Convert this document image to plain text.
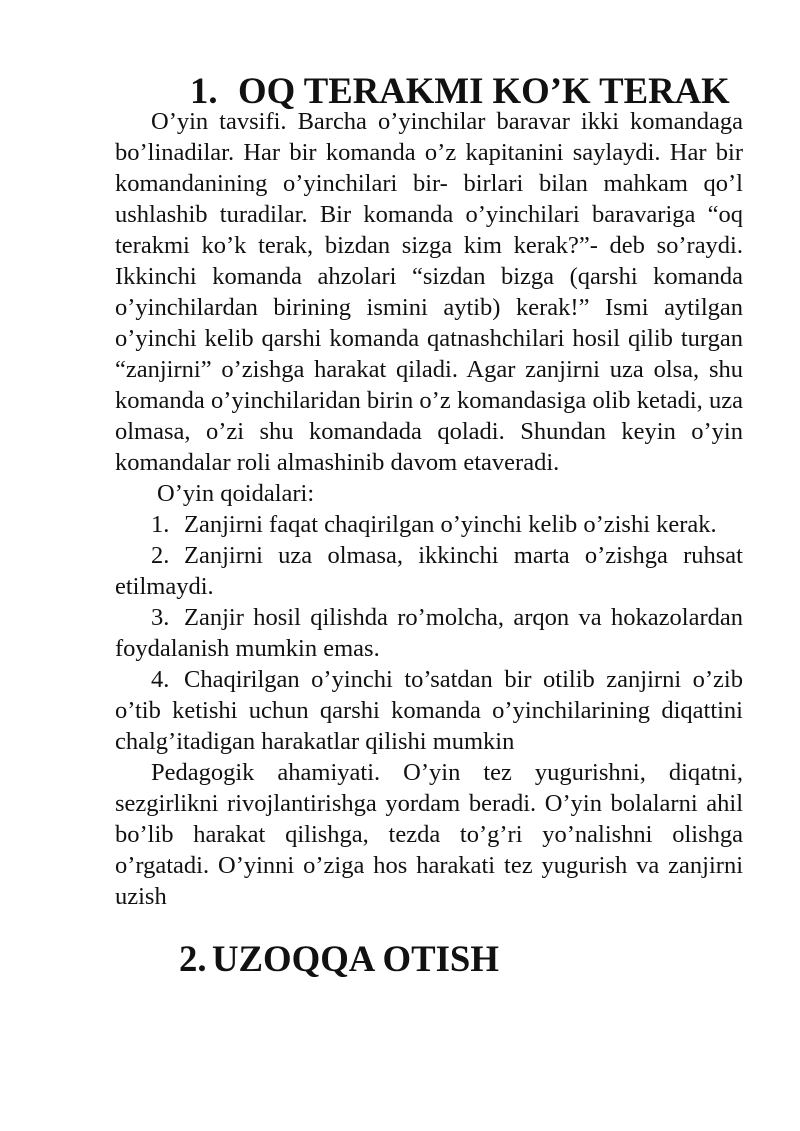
1. OQ TERAKMI KO’K TERAK

O’yin tavsifi. Barcha o’yinchilar baravar ikki komandaga bo’linadilar. Har bir komanda o’z kapitanini saylaydi. Har bir komandanining o’yinchilari bir- birlari bilan mahkam qo’l ushlashib turadilar. Bir komanda o’yinchilari baravariga “oq terakmi ko’k terak, bizdan sizga kim kerak?”- deb so’raydi. Ikkinchi komanda ahzolari “sizdan bizga (qarshi komanda o’yinchilardan birining ismini aytib) kerak!” Ismi aytilgan o’yinchi kelib qarshi komanda qatnashchilari hosil qilib turgan “zanjirni” o’zishga harakat qiladi. Agar zanjirni uza olsa, shu komanda o’yinchilaridan birin o’z komandasiga olib ketadi, uza olmasa, o’zi shu komandada qoladi. Shundan keyin o’yin komandalar roli almashinib davom etaveradi.

O’yin qoidalari:

1. Zanjirni faqat chaqirilgan o’yinchi kelib o’zishi kerak.

2. Zanjirni uza olmasa, ikkinchi marta o’zishga ruhsat etilmaydi.

3. Zanjir hosil qilishda ro’molcha, arqon va hokazolardan foydalanish mumkin emas.

4. Chaqirilgan o’yinchi to’satdan bir otilib zanjirni o’zib o’tib ketishi uchun qarshi komanda o’yinchilarining diqattini chalg’itadigan harakatlar qilishi mumkin

Pedagogik ahamiyati. O’yin tez yugurishni, diqatni, sezgirlikni rivojlantirishga yordam beradi. O’yin bolalarni ahil bo’lib harakat qilishga, tezda to’g’ri yo’nalishni olishga o’rgatadi. O’yinni o’ziga hos harakati tez yugurish va zanjirni uzish

2. UZOQQA OTISH
